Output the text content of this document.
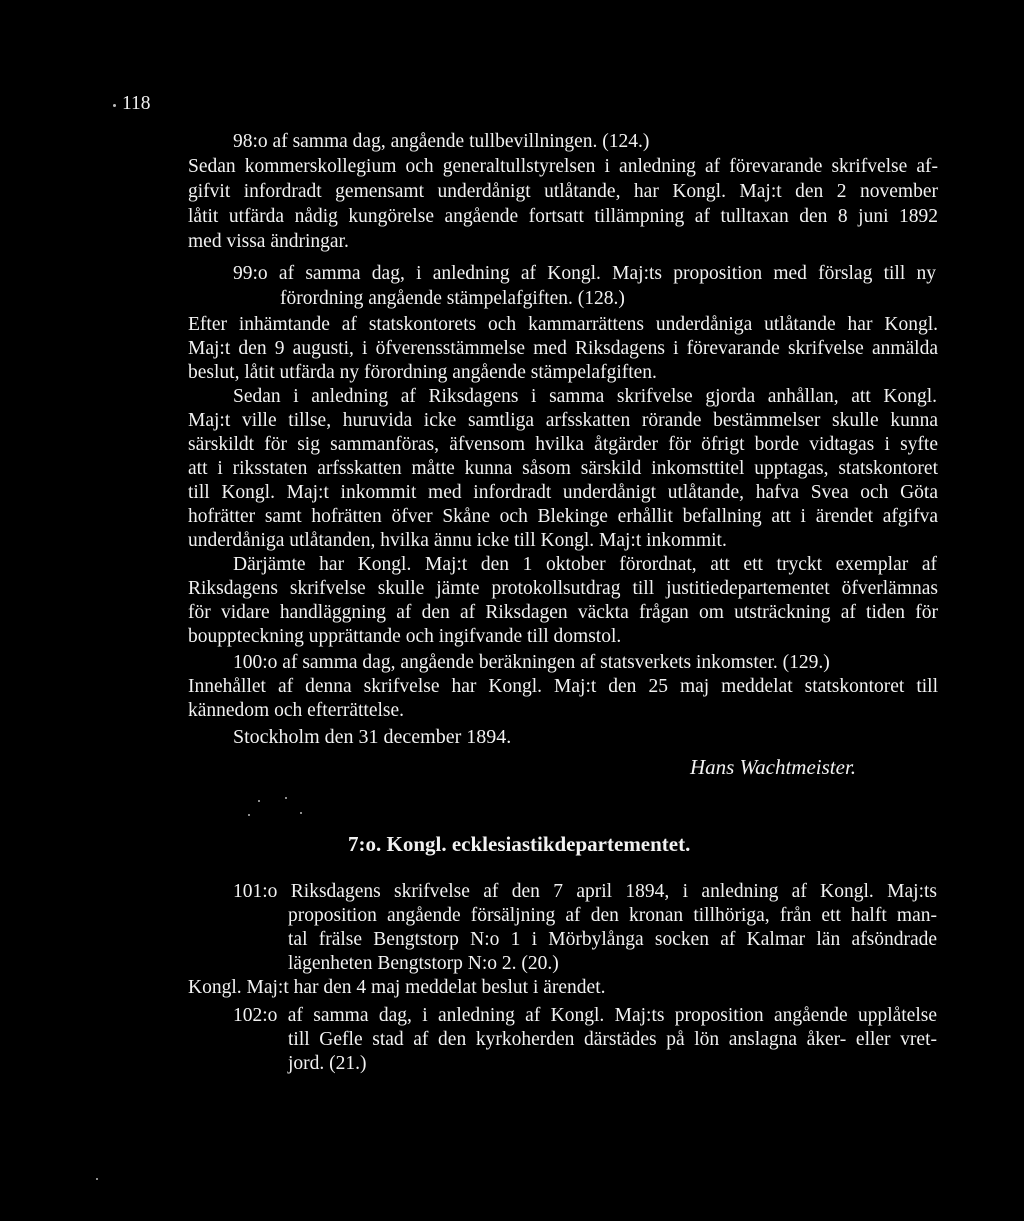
118
98:o af samma dag, angående tullbevillningen. (124.)
Sedan kommerskollegium och generaltullstyrelsen i anledning af förevarande skrifvelse af-
gifvit infordradt gemensamt underdånigt utlåtande, har Kongl. Maj:t den 2 november
låtit utfärda nådig kungörelse angående fortsatt tillämpning af tulltaxan den 8 juni 1892
med vissa ändringar.
99:o af samma dag, i anledning af Kongl. Maj:ts proposition med förslag till ny
förordning angående stämpelafgiften. (128.)
Efter inhämtande af statskontorets och kammarrättens underdåniga utlåtande har Kongl.
Maj:t den 9 augusti, i öfverensstämmelse med Riksdagens i förevarande skrifvelse anmälda
beslut, låtit utfärda ny förordning angående stämpelafgiften.
Sedan i anledning af Riksdagens i samma skrifvelse gjorda anhållan, att Kongl.
Maj:t ville tillse, huruvida icke samtliga arfsskatten rörande bestämmelser skulle kunna
särskildt för sig sammanföras, äfvensom hvilka åtgärder för öfrigt borde vidtagas i syfte
att i riksstaten arfsskatten måtte kunna såsom särskild inkomsttitel upptagas, statskontoret
till Kongl. Maj:t inkommit med infordradt underdånigt utlåtande, hafva Svea och Göta
hofrätter samt hofrätten öfver Skåne och Blekinge erhållit befallning att i ärendet afgifva
underdåniga utlåtanden, hvilka ännu icke till Kongl. Maj:t inkommit.
Därjämte har Kongl. Maj:t den 1 oktober förordnat, att ett tryckt exemplar af
Riksdagens skrifvelse skulle jämte protokollsutdrag till justitiedepartementet öfverlämnas
för vidare handläggning af den af Riksdagen väckta frågan om utsträckning af tiden för
bouppteckning upprättande och ingifvande till domstol.
100:o af samma dag, angående beräkningen af statsverkets inkomster. (129.)
Innehållet af denna skrifvelse har Kongl. Maj:t den 25 maj meddelat statskontoret till
kännedom och efterrättelse.
Stockholm den 31 december 1894.
Hans Wachtmeister.
7:o. Kongl. ecklesiastikdepartementet.
101:o Riksdagens skrifvelse af den 7 april 1894, i anledning af Kongl. Maj:ts
proposition angående försäljning af den kronan tillhöriga, från ett halft man-
tal frälse Bengtstorp N:o 1 i Mörbylånga socken af Kalmar län afsöndrade
lägenheten Bengtstorp N:o 2. (20.)
Kongl. Maj:t har den 4 maj meddelat beslut i ärendet.
102:o af samma dag, i anledning af Kongl. Maj:ts proposition angående upplåtelse
till Gefle stad af den kyrkoherden därstädes på lön anslagna åker- eller vret-
jord. (21.)
